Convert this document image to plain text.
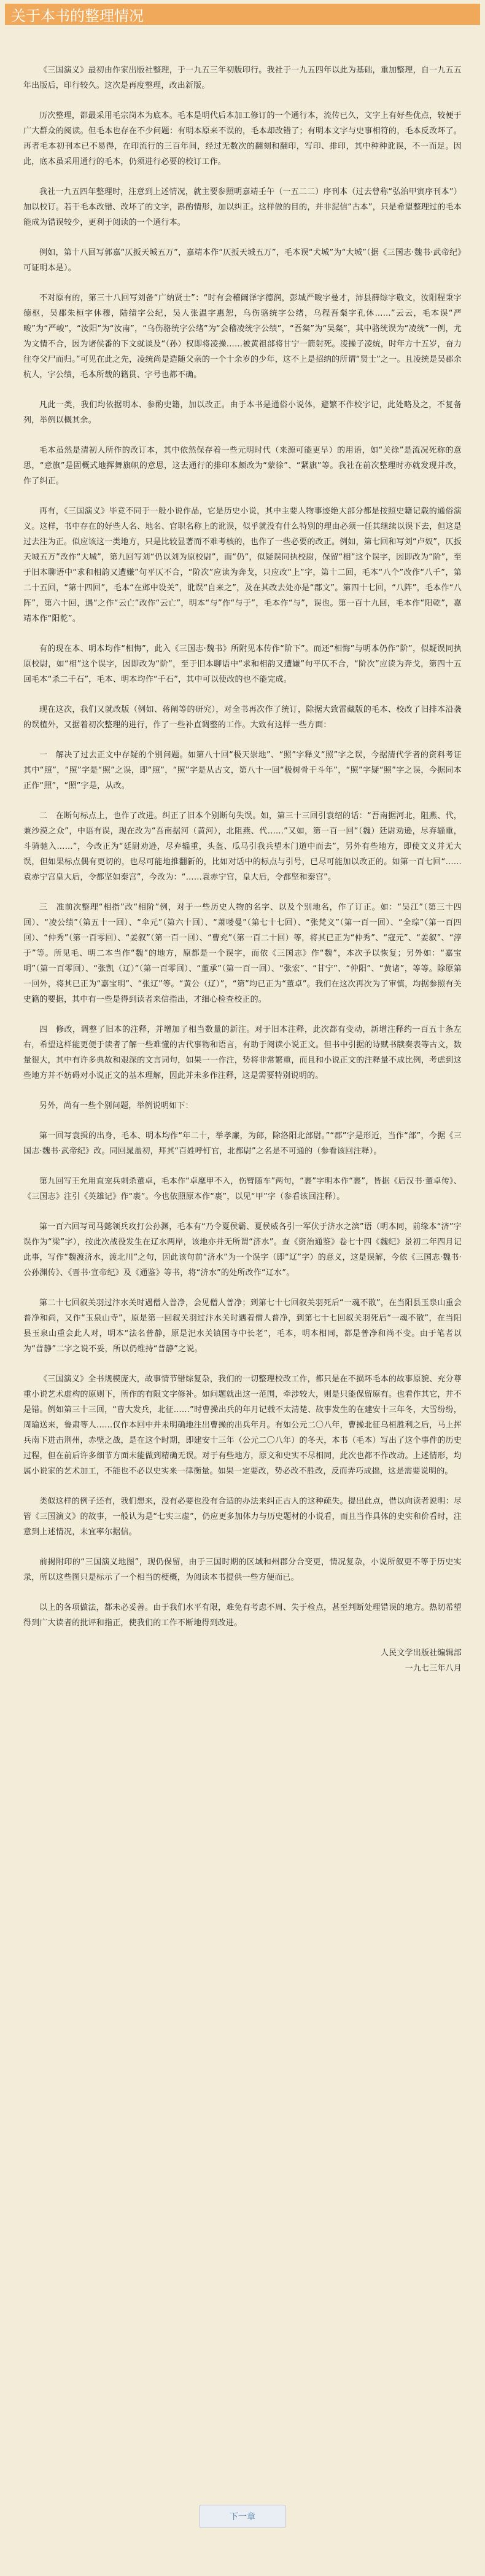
关于本书的整理情况

《三国演义》最初由作家出版社整理，于一九五三年初版印行。我社于一九五四年以此为基础，重加整理，自一九五五年出版后，印行较久。这次是再度整理，改出新版。

历次整理，都最采用毛宗岗本为底本。毛本是明代后本加工修订的一个通行本，流传已久，文字上有好些优点，较便于广大群众的阅读。但毛本也存在不少问题：有明本原来不误的，毛本却改错了；有明本文字与史事相符的，毛本反改坏了。再者毛本初刊本已不易得，在印流行的三百年间，经过无数次的翻刻和翻印，写印、排印，其中种种讹误，不一而足。因此，底本虽采用通行的毛本，仍须进行必要的校订工作。

我社一九五四年整理时，注意到上述情况，就主要参照明嘉靖壬午（一五二二）序刊本（过去曾称“弘治甲寅序刊本”）加以校订。若干毛本改错、改坏了的文字，斟酌情形，加以纠正。这样做的目的，并非泥信“古本”，只是希望整理过的毛本能成为错误较少，更利于阅读的一个通行本。

例如，第十八回写郭嘉“仄扳天城五万”，嘉靖本作“仄扳天城五万”，毛本误“犬城”为“大城”（据《三国志·魏书·武帝纪》可证明本是）。

不对原有的，第三十八回写刘备“广纳贤士”：“时有会稽阚泽字德润，彭城严畯字曼才，沛县薛综字敬文，汝阳程秉字德枢，吴郡朱桓字休穆，陆绩字公纪，吴人张温字惠恕，乌伤骆统字公绪，乌程吾粲字孔休……”云云，毛本误“严畯”为“严峻”，“汝阳”为“汝南”，“乌伤骆统字公绪”为“会稽凌统字公绩”，“吾粲”为“吴粲”，其中骆统误为“凌统”一例，尤为文情不合，因为诸侯番的下文就谈及“（孙）权即将凌操……被黄祖部将甘宁一箭射死。凌操子凌统，时年方十五岁，奋力往夺父尸而归。”可见在此之先，凌统尚是造随父亲的一个十余岁的少年，这不上是招纳的所谓“贤士”之一。且凌统是吴郡余杭人，字公绩，毛本所载的籍贯、字号也都不确。

凡此一类，我们均依据明本、参酌史籍，加以改正。由于本书是通俗小说体，避繁不作校字记，此处略及之，不复备列，举例以概其余。

毛本虽然是清初人所作的改订本，其中依然保存着一些元明时代（来源可能更早）的用语，如“关徐”是流况死称的意思，“意旗”是固概式地挥舞旗帜的意思，这去通行的排印本颇改为“蒙徐”、“紧旗”等。我社在前次整理时亦就发现并改，作了纠正。

再有，《三国演义》毕竟不同于一般小说作品，它是历史小说，其中主要人物事迹绝大部分都是按照史籍记载的通俗演义。这样，书中存在的好些人名、地名、官职名称上的讹误，似乎就没有什么特别的理由必须一任其继续以误下去，但这是过去注为正。似应该这一类地方，只是比较显著而不难考核的，也作了一些必要的改正。例如，第七回和写刘“卢奴”，仄扳天城五万”改作“大城”，第九回写刘“仍以刘为原校尉”，而“仍”，似疑误同执校尉，保留“相”这个误字，因即改为“阶”，至于旧本聊语中“求和相韵又遭嫌”句平仄不合，“阶次”应读为奔戈，只应改“上”字，第十二回，毛本“八个”改作“八千”，第二十五回，“第十四回”，毛本“在邺中设关”，讹误“自来之”，及在其改去处亦是“郡文”。第四十七回，“八阵”，毛本作“八阵”，第六十回，遇“之作“云亡”改作“云亡”，明本“与”作“与于”，毛本作“与”，误也。第一百十九回，毛本作“阳乾”，嘉靖本作“阳乾”。

有的现在本、明本均作“相悔”，此入《三国志·魏书》所附见本传作“阶下”。而还“相悔”与明本仍作“阶”，似疑误同执原校尉，如“相”这个误字，因即改为“阶”，至于旧本聊语中“求和相韵又遭嫌”句平仄不合，“阶次”应读为奔戈，第四十五回毛本“杀二千石”，毛本、明本均作“千石”，其中可以使改的也不能完成。

现在这次，我们又就改版（例如、蒋阐等的研究），对全书再次作了统订，除据大致雷藏版的毛本、校改了旧排本沿袭的误植外，又据着初次整理的进行，作了一些补直调整的工作。大致有这样一些方面：

一　解决了过去正文中存疑的个别问题。如第八十回“极天崇地”、“照”字释义“照”字之误，今据清代学者的资料考证其中“照”，“照”字是“照”之误，即“照”，“照”字是从古文，第八十一回“极树骨千斗年”，“照”字疑“照”字之误，今据同本正作“照”，“照”字是，从改。

二　在断句标点上，也作了改进。纠正了旧本个别断句失误。如，第三十三回引袁绍的话：“吾南据河北，阻燕、代，兼沙漠之众”，中语有误，现在改为“吾南据河（黄河），北阻燕、代……”又如，第一百一回“（魏）廷尉劝逊，尽弃辎重，斗骑驰入……”，今改正为“廷尉劝逊，尽弃辎重，头盔、瓜马引我兵望木门道中而去”，另外有些地方，即使文义并无大误，但如果标点偶有更切的，也尽可能地推翻新的，比如对话中的标点与引号，已尽可能加以改正的。如第一百七回“……袁赤宁宫皇大后，令都坚如秦宫”，今改为：“……袁赤宁宫，皇大后，令都坚和秦宫”。

三　准前次整理“相指”改“相阶”例，对于一些历史人物的名字、以及个别地名，作了订正。如：“吴江”（第三十四回）、“凌公绩”（第五十一回）、“伞元”（第六十回）、“萧喽曼”（第七十七回）、“张梵义”（第一百一回）、“全琮”（第一百四回）、“仲秀”（第一百零回）、“姜叙”（第一百一回）、“曹充”（第一百二十回）等，将其已正为“仲秀”、“寇元”、“姜叙”、“淳于”等。所见毛、明二本当作“魏”的地方，原都是一个误字，而依《三国志》作“魏”，本次予以恢复；另外如：“嘉宝明”（第一百零回）、“张凯（辽）”（第一百零回）、“董承”（第一百一回）、“张宏”、“甘宁”、“仲阳”、“黄诸”，等等。除原第一回外，将其已正为“嘉宝明”、“张辽”等。“黄公（辽）”，“第”均已正为“董卓”。我们在这次再次为了审慎，均据参照有关史籍的要据，其中有一些是得到读者来信指出，才细心检查校正的。

四　修改，调整了旧本的注释，并增加了相当数量的新注。对于旧本注释，此次都有变动，新增注释约一百五十条左右，希望这样能更便于读者了解一些难懂的古代事物和语言，有助于阅读小说正文。但书中引据的诗赋书牍奏表等古文，数量很大，其中有许多典故和艰深的文言词句，如果一一作注，势将非常繁重，而且和小说正文的注释量不成比例，考虑到这些地方并不妨碍对小说正文的基本理解，因此并未多作注释，这是需要特别说明的。

另外，尚有一些个别问题，举例说明如下：

第一回写袁揖的出身，毛本、明本均作“年二十，举孝廉，为郎，除洛阳北部尉。”“郡”字是形近，当作“部”，今据《三国志·魏书·武帝纪》改。同回晁盖初，拜其“百姓呼钉官，北都尉”之名是不可通的（参看该回注释）。

第九回写王允用直宠兵刺杀董卓，毛本作“卓麾甲不入，伤臂随车”两句，“裹”字明本作“裹”，皆据《后汉书·董卓传》、《三国志》注引《英雄记》作“裹”。今也依照原本作“裹”，以见“甲”字（参看该回注释）。

第一百六回写司马懿领兵攻打公孙渊，毛本有“乃令夏侯霸、夏侯威各引一军伏于济水之滨”语（明本同，前缘本“济”字误作为“梁”字），按此次战役发生在辽水两岸，该地亦并无所谓“济水”。查《资治通鉴》卷七十四《魏纪》景初二年四月记此事，写作“魏渡济水，渡北川”之句，因此该句前“济水”为一个误字（即“辽”字）的意义，这是误解，今依《三国志·魏书·公孙渊传》、《晋书·宣帝纪》及《通鉴》等书，将“济水”的处所改作“辽水”。

第二十七回叙关羽过汴水关时遇僧人普净，会见僧人普净；到第七十七回叙关羽死后“一魂不散”，在当阳县玉泉山重会普净和尚，又作“玉泉山寺”，原是第一回叙关羽过汴水关时遇着僧人普净，到第七十七回叙关羽死后“一魂不散”，在当阳县玉泉山重会此人对，明本“法名普静，原是汜水关镇国寺中长老”，毛本，明本相同，都是普净和尚不变。由于笔者以为“普静”二字之说不妥，所以仍维持“普静”之说。

《三国演义》全书规模庞大，故事情节错综复杂，我们的一切整理校改工作，都只是在不损坏毛本的故事原貌、充分尊重小说艺术虚构的原则下，所作的有限文字修补。如问题就出这一范围，牵涉较大，则是只能保留原有。也看作其它，并不是错。例如第三十三回，“曹大发兵，北征……”时曹操出兵的年月记载不太清楚、故事发生的在建安十三年冬，大雪纷纷，周瑜送来，鲁肃等人……仅作本回中并未明确地注出曹操的出兵年月。有如公元二〇八年，曹操北征乌桓胜利之后，马上挥兵南下进击荆州，赤壁之战，是在这个时期，即建安十三年（公元二〇八年）的冬天，本书（毛本）写出了这个事件的历史过程，但在前后许多细节方面未能做到精确无误。对于有些地方，原文和史实不尽相同，此次也都不作改动。上述情形，均属小说家的艺术加工，不能也不必以史实来一律衡量。如果一定要改，势必改不胜改，反而弄巧成拙，这是需要说明的。

类似这样的例子还有，我们想来，没有必要也没有合适的办法来纠正古人的这种疏失。提出此点，借以向读者说明：尽管《三国演义》的故事，一般认为是“七实三虚”，仍应更多加体力与历史题材的小说看，而且当作具体的史实和价看时，注意到上述情况，未宜率尔据信。

前揭附印的“三国演义地图”，现仍保留，由于三国时期的区域和州郡分合变更，情况复杂，小说所叙更不等于历史实录，所以这些图只是标示了一个相当的梗概，为阅读本书提供一些方便而已。

以上的各项做法，都未必妥善。由于我们水平有限，难免有考虑不周、失于检点，甚至判断处理错误的地方。热切希望得到广大读者的批评和指正，使我们的工作不断地得到改进。

人民文学出版社编辑部
一九七三年八月
下一章
